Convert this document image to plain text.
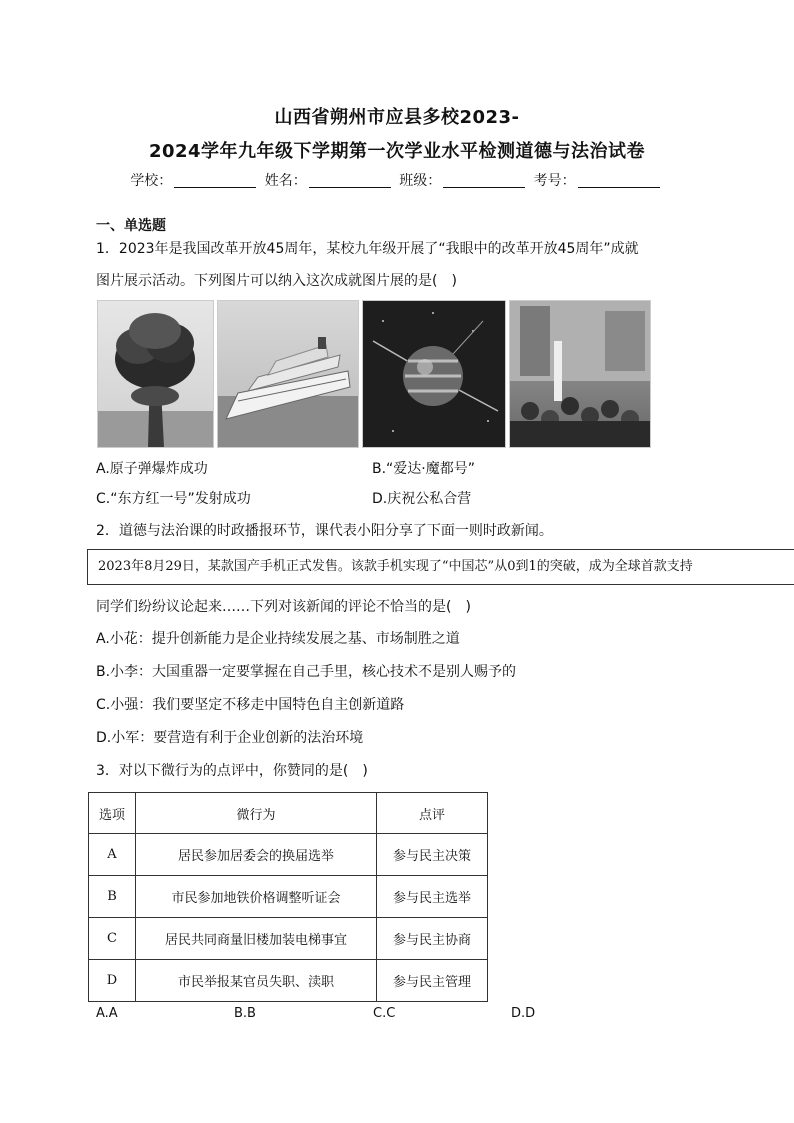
山西省朔州市应县多校2023-
2024学年九年级下学期第一次学业水平检测道德与法治试卷
学校：	姓名：	班级：	考号：
一、单选题
1．2023年是我国改革开放45周年，某校九年级开展了“我眼中的改革开放45周年”成就
图片展示活动。下列图片可以纳入这次成就图片展的是(　)
A.原子弹爆炸成功	B.“爱达·魔都号”
C.“东方红一号”发射成功	D.庆祝公私合营
2．道德与法治课的时政播报环节，课代表小阳分享了下面一则时政新闻。
2023年8月29日，某款国产手机正式发售。该款手机实现了“中国芯”从0到1的突破，成为全球首款支持
同学们纷纷议论起来……下列对该新闻的评论不恰当的是(　)
A.小花：提升创新能力是企业持续发展之基、市场制胜之道
B.小李：大国重器一定要掌握在自己手里，核心技术不是别人赐予的
C.小强：我们要坚定不移走中国特色自主创新道路
D.小军：要营造有利于企业创新的法治环境
3．对以下微行为的点评中，你赞同的是(　)
选项	微行为	点评
A	居民参加居委会的换届选举	参与民主决策
B	市民参加地铁价格调整听证会	参与民主选举
C	居民共同商量旧楼加装电梯事宜	参与民主协商
D	市民举报某官员失职、渎职	参与民主管理
A.A	B.B	C.C	D.D
